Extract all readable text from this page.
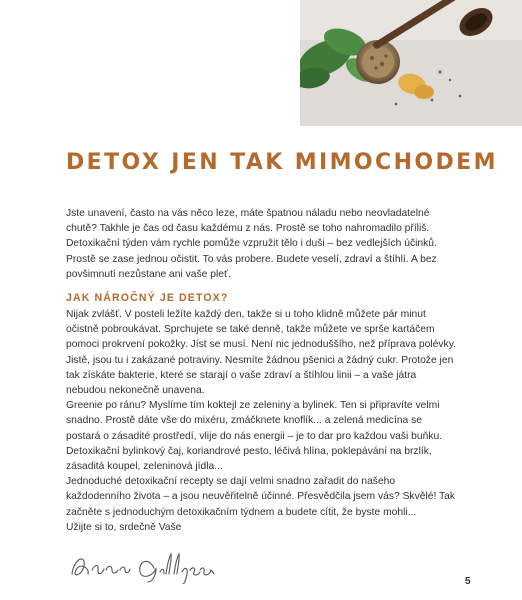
DETOX JEN TAK MIMOCHODEM

Jste unavení, často na vás něco leze, máte špatnou náladu nebo neovladatelné chutě? Takhle je čas od času každému z nás. Prostě se toho nahromadilo příliš. Detoxikační týden vám rychle pomůže vzpružit tělo i duši – bez vedlejších účinků. Prostě se zase jednou očistit. To vás probere. Budete veselí, zdraví a štíhlí. A bez povšimnutí nezůstane ani vaše pleť.

JAK NÁROČNÝ JE DETOX?

Nijak zvlášť. V posteli ležíte každý den, takže si u toho klidně můžete pár minut očistně pobroukávat. Sprchujete se také denně, takže můžete ve sprše kartáčem pomoci prokrvení pokožky. Jíst se musí. Není nic jednoduššího, než příprava polévky. Jistě, jsou tu i zakázané potraviny. Nesmíte žádnou pšenici a žádný cukr. Protože jen tak získáte bakterie, které se starají o vaše zdraví a štíhlou linii – a vaše játra nebudou nekonečně unavena.

Greenie po ránu? Myslíme tím koktejl ze zeleniny a bylinek. Ten si připravíte velmi snadno. Prostě dáte vše do mixéru, zmáčknete knoflík... a zelená medicína se postará o zásadité prostředí, vlije do nás energii – je to dar pro každou vaši buňku.

Detoxikační bylinkový čaj, koriandrové pesto, léčivá hlína, poklepávání na brzlík, zásaditá koupel, zeleninová jídla...

Jednoduché detoxikační recepty se dají velmi snadno zařadit do našeho každodenního života – a jsou neuvěřitelně účinné. Přesvědčila jsem vás? Skvělé! Tak začněte s jednoduchým detoxikačním týdnem a budete cítit, že byste mohli...

Užijte si to, srdečně Vaše

5
